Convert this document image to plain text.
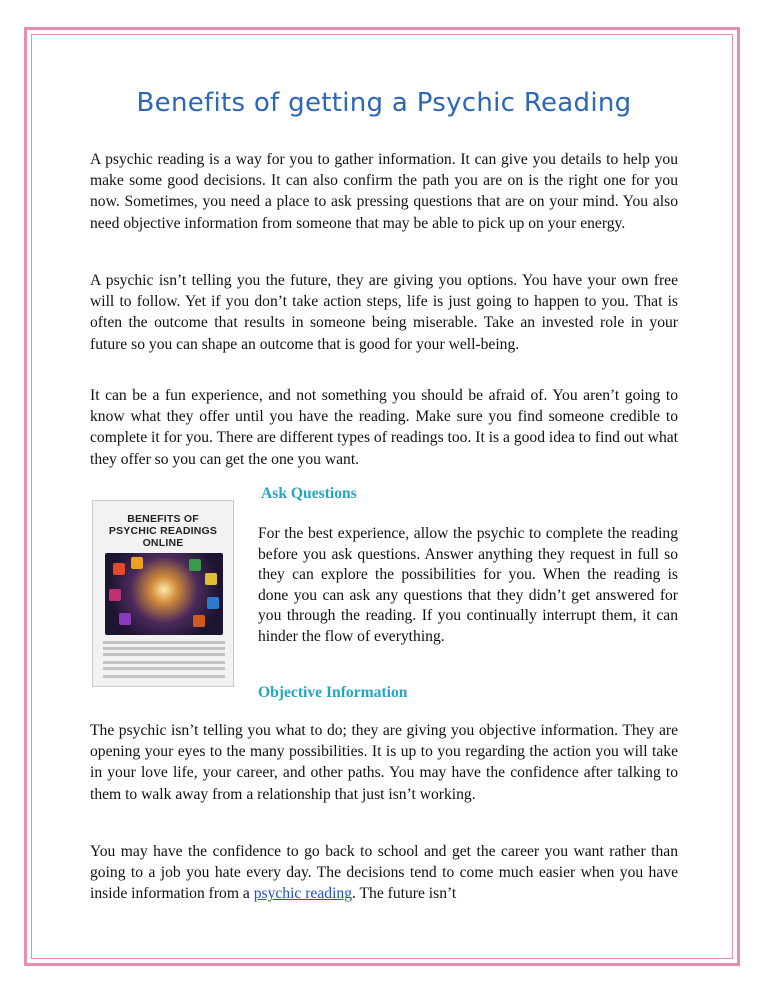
Benefits of getting a Psychic Reading

A psychic reading is a way for you to gather information. It can give you details to help you make some good decisions. It can also confirm the path you are on is the right one for you now. Sometimes, you need a place to ask pressing questions that are on your mind. You also need objective information from someone that may be able to pick up on your energy.

A psychic isn’t telling you the future, they are giving you options. You have your own free will to follow. Yet if you don’t take action steps, life is just going to happen to you. That is often the outcome that results in someone being miserable. Take an invested role in your future so you can shape an outcome that is good for your well-being.

It can be a fun experience, and not something you should be afraid of. You aren’t going to know what they offer until you have the reading. Make sure you find someone credible to complete it for you. There are different types of readings too. It is a good idea to find out what they offer so you can get the one you want.

BENEFITS OF
PSYCHIC READINGS
ONLINE
Ask Questions

For the best experience, allow the psychic to complete the reading before you ask questions. Answer anything they request in full so they can explore the possibilities for you. When the reading is done you can ask any questions that they didn’t get answered for you through the reading. If you continually interrupt them, it can hinder the flow of everything.

Objective Information

The psychic isn’t telling you what to do; they are giving you objective information. They are opening your eyes to the many possibilities. It is up to you regarding the action you will take in your love life, your career, and other paths. You may have the confidence after talking to them to walk away from a relationship that just isn’t working.

You may have the confidence to go back to school and get the career you want rather than going to a job you hate every day. The decisions tend to come much easier when you have inside information from a psychic reading. The future isn’t
